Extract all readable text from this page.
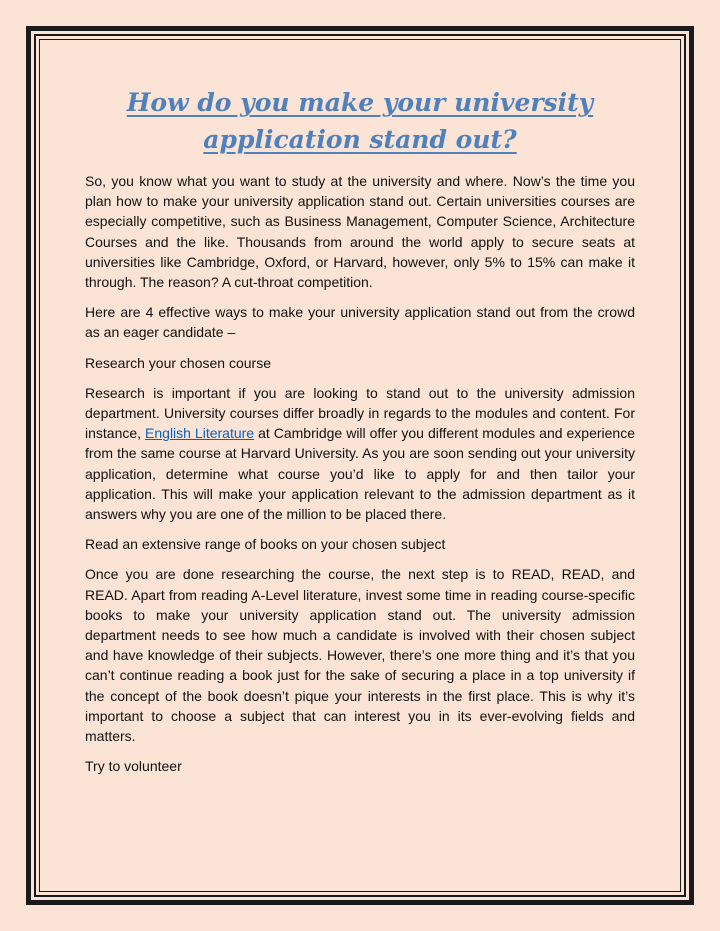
How do you make your university application stand out?

So, you know what you want to study at the university and where. Now’s the time you plan how to make your university application stand out. Certain universities courses are especially competitive, such as Business Management, Computer Science, Architecture Courses and the like. Thousands from around the world apply to secure seats at universities like Cambridge, Oxford, or Harvard, however, only 5% to 15% can make it through. The reason? A cut-throat competition.

Here are 4 effective ways to make your university application stand out from the crowd as an eager candidate –

Research your chosen course

Research is important if you are looking to stand out to the university admission department. University courses differ broadly in regards to the modules and content. For instance, English Literature at Cambridge will offer you different modules and experience from the same course at Harvard University. As you are soon sending out your university application, determine what course you’d like to apply for and then tailor your application. This will make your application relevant to the admission department as it answers why you are one of the million to be placed there.

Read an extensive range of books on your chosen subject

Once you are done researching the course, the next step is to READ, READ, and READ. Apart from reading A-Level literature, invest some time in reading course-specific books to make your university application stand out. The university admission department needs to see how much a candidate is involved with their chosen subject and have knowledge of their subjects. However, there’s one more thing and it’s that you can’t continue reading a book just for the sake of securing a place in a top university if the concept of the book doesn’t pique your interests in the first place. This is why it’s important to choose a subject that can interest you in its ever-evolving fields and matters.

Try to volunteer
